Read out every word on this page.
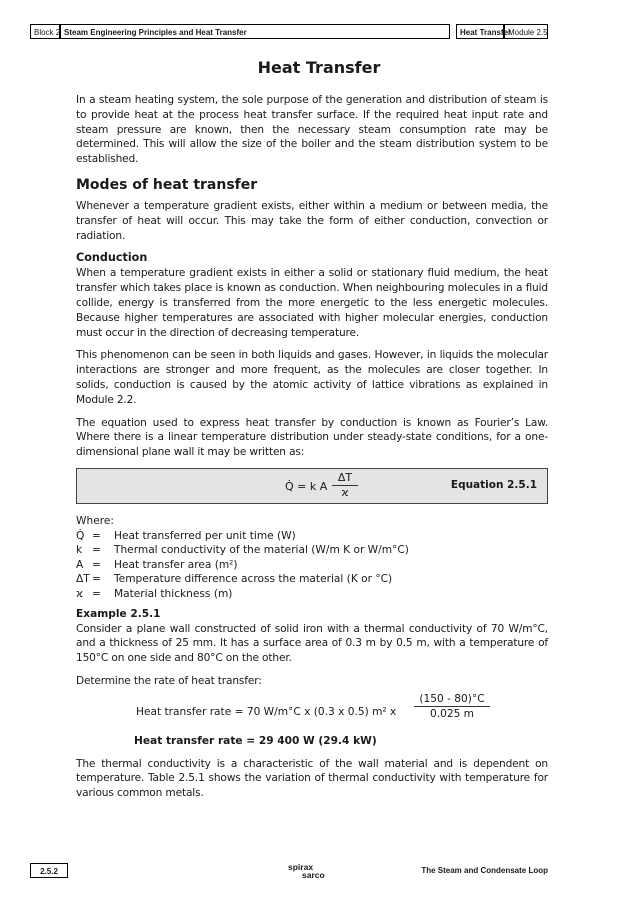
Block 2 Steam Engineering Principles and Heat Transfer	Heat Transfer
Module 2.5
Heat Transfer

In a steam heating system, the sole purpose of the generation and distribution of steam is to provide heat at the process heat transfer surface. If the required heat input rate and steam pressure are known, then the necessary steam consumption rate may be determined. This will allow the size of the boiler and the steam distribution system to be established.

Modes of heat transfer

Whenever a temperature gradient exists, either within a medium or between media, the transfer of heat will occur. This may take the form of either conduction, convection or radiation.

Conduction

When a temperature gradient exists in either a solid or stationary fluid medium, the heat transfer which takes place is known as conduction. When neighbouring molecules in a fluid collide, energy is transferred from the more energetic to the less energetic molecules. Because higher temperatures are associated with higher molecular energies, conduction must occur in the direction of decreasing temperature.

This phenomenon can be seen in both liquids and gases. However, in liquids the molecular interactions are stronger and more frequent, as the molecules are closer together. In solids, conduction is caused by the atomic activity of lattice vibrations as explained in Module 2.2.

The equation used to express heat transfer by conduction is known as Fourier’s Law. Where there is a linear temperature distribution under steady-state conditions, for a one-dimensional plane wall it may be written as:

Q̇ = k A $\frac{\Delta T}{ϰ}$	Equation 2.5.1
Where:
Q̇ =	Heat transferred per unit time (W)
k =	Thermal conductivity of the material (W/m K or W/m°C)
A =	Heat transfer area (m²)
ΔT =	Temperature difference across the material (K or °C)
ϰ =	Material thickness (m)
Example 2.5.1

Consider a plane wall constructed of solid iron with a thermal conductivity of 70 W/m°C, and a thickness of 25 mm. It has a surface area of 0.3 m by 0.5 m, with a temperature of 150°C on one side and 80°C on the other.

Determine the rate of heat transfer:

Heat transfer rate = 70 W/m°C x (0.3 x 0.5) m² x $\frac{(150 - 80)^\circ C}{0.025 m}$
Heat transfer rate = 29 400 W (29.4 kW)

The thermal conductivity is a characteristic of the wall material and is dependent on temperature. Table 2.5.1 shows the variation of thermal conductivity with temperature for various common metals.

2.5.2	spirax
sarco	The Steam and Condensate Loop
